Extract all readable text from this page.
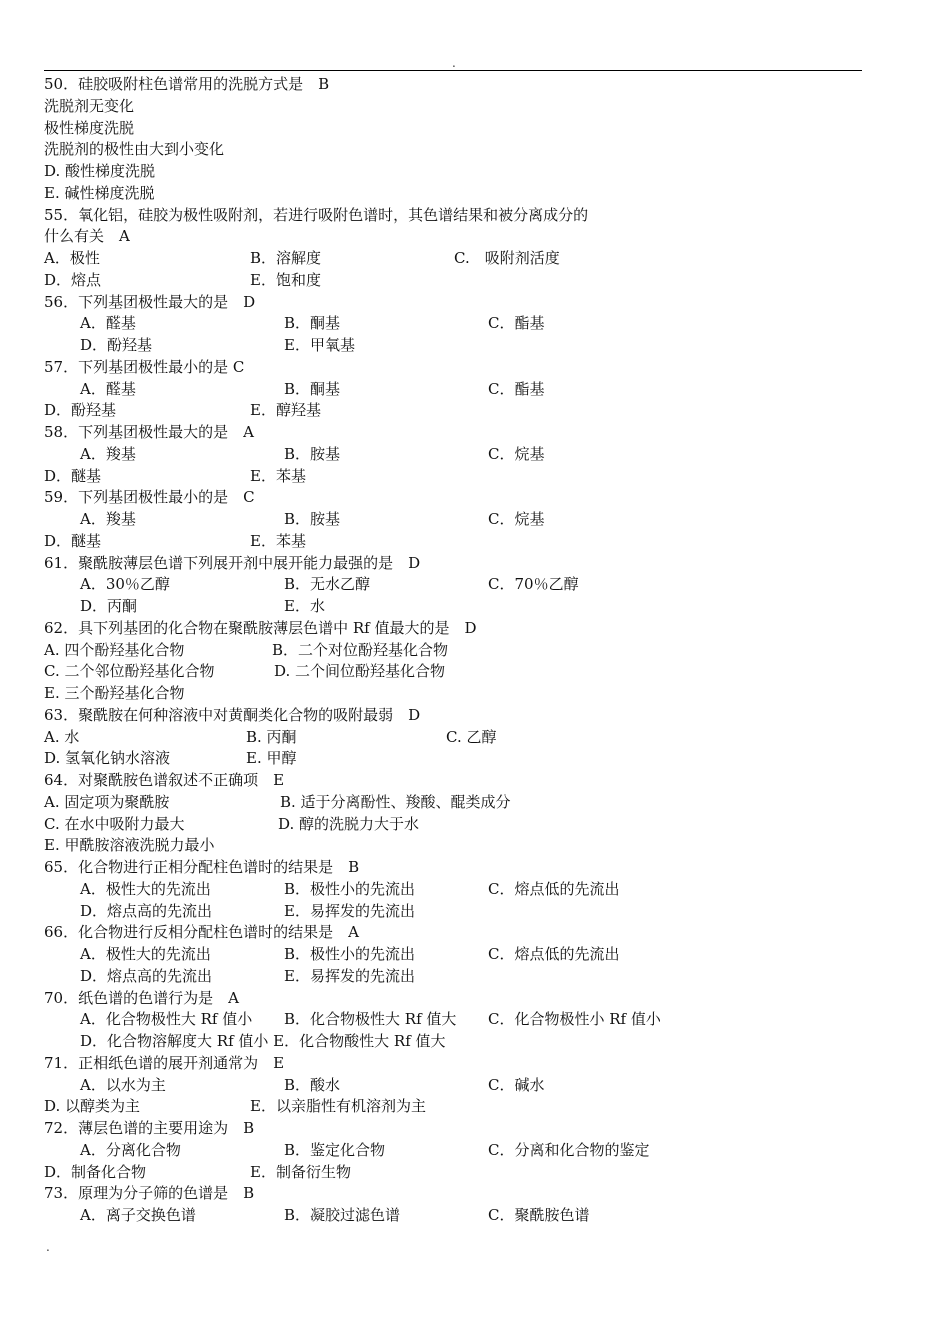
.
50．硅胶吸附柱色谱常用的洗脱方式是　B
洗脱剂无变化
极性梯度洗脱
洗脱剂的极性由大到小变化
D. 酸性梯度洗脱
E. 碱性梯度洗脱
55．氧化铝，硅胶为极性吸附剂，若进行吸附色谱时，其色谱结果和被分离成分的
什么有关　A
A．极性	B．溶解度	C.　吸附剂活度
D．熔点	E．饱和度
56．下列基团极性最大的是　D
A．醛基	B．酮基	C．酯基
D．酚羟基	E．甲氧基
57．下列基团极性最小的是 C
A．醛基	B．酮基	C．酯基
D．酚羟基	E．醇羟基
58．下列基团极性最大的是　A
A．羧基	B．胺基	C．烷基
D．醚基	E．苯基
59．下列基团极性最小的是　C
A．羧基	B．胺基	C．烷基
D．醚基	E．苯基
61．聚酰胺薄层色谱下列展开剂中展开能力最强的是　D
A．30％乙醇	B．无水乙醇	C．70％乙醇
D．丙酮	E．水
62．具下列基团的化合物在聚酰胺薄层色谱中 Rf 值最大的是　D
A. 四个酚羟基化合物	B．二个对位酚羟基化合物
C. 二个邻位酚羟基化合物	D. 二个间位酚羟基化合物
E. 三个酚羟基化合物
63．聚酰胺在何种溶液中对黄酮类化合物的吸附最弱　D
A. 水	B. 丙酮	C. 乙醇
D. 氢氧化钠水溶液	E. 甲醇
64．对聚酰胺色谱叙述不正确项　E
A. 固定项为聚酰胺	B. 适于分离酚性、羧酸、醌类成分
C. 在水中吸附力最大	D. 醇的洗脱力大于水
E. 甲酰胺溶液洗脱力最小
65．化合物进行正相分配柱色谱时的结果是　B
A．极性大的先流出	B．极性小的先流出	C．熔点低的先流出
D．熔点高的先流出	E．易挥发的先流出
66．化合物进行反相分配柱色谱时的结果是　A
A．极性大的先流出	B．极性小的先流出	C．熔点低的先流出
D．熔点高的先流出	E．易挥发的先流出
70．纸色谱的色谱行为是　A
A．化合物极性大 Rf 值小 B．化合物极性大 Rf 值大 C．化合物极性小 Rf 值小
D．化合物溶解度大 Rf 值小 E．化合物酸性大 Rf 值大
71．正相纸色谱的展开剂通常为　E
A．以水为主	B．酸水	C．碱水
D. 以醇类为主	E．以亲脂性有机溶剂为主
72．薄层色谱的主要用途为　B
A．分离化合物	B．鉴定化合物	C．分离和化合物的鉴定
D．制备化合物	E．制备衍生物
73．原理为分子筛的色谱是　B
A．离子交换色谱	B．凝胶过滤色谱	C．聚酰胺色谱
.
